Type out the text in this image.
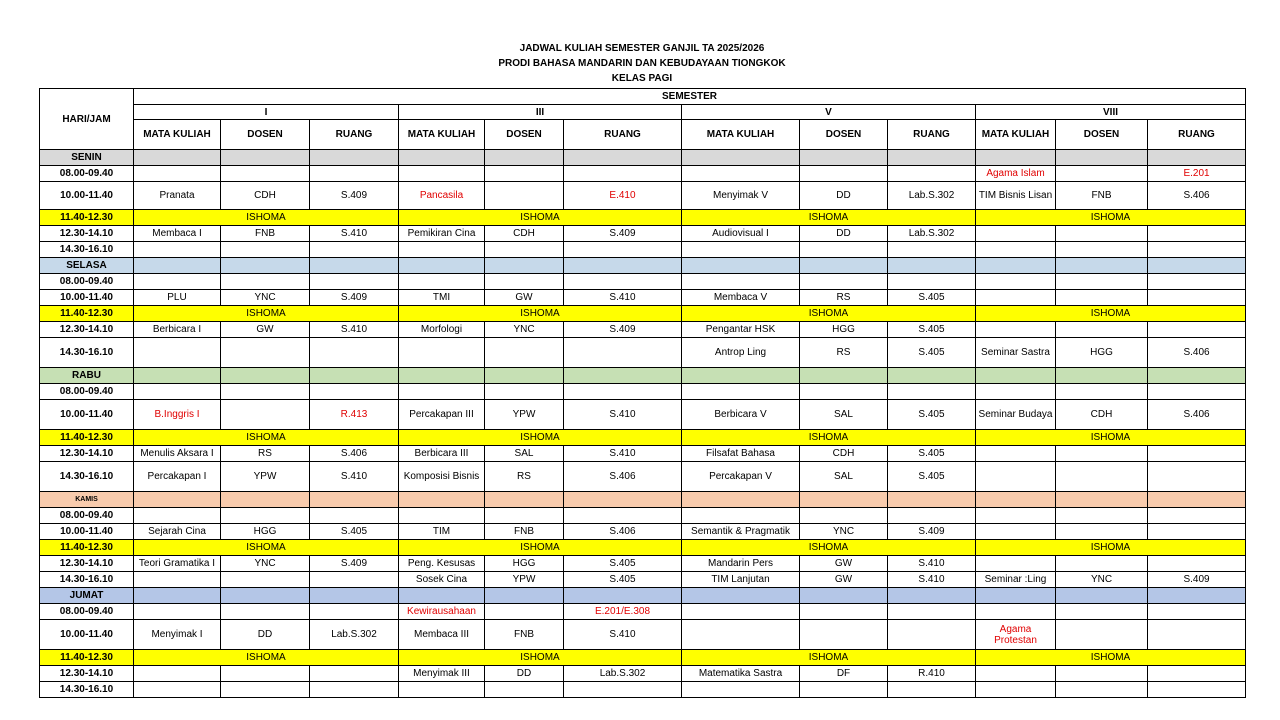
JADWAL KULIAH SEMESTER GANJIL TA 2025/2026
PRODI BAHASA MANDARIN DAN KEBUDAYAAN TIONGKOK
KELAS PAGI
HARI/JAM	SEMESTER											
	I			III			V			VIII		
	MATA KULIAH	DOSEN	RUANG	MATA KULIAH	DOSEN	RUANG	MATA KULIAH	DOSEN	RUANG	MATA KULIAH	DOSEN	RUANG
SENIN												
08.00-09.40										Agama Islam		E.201
10.00-11.40	Pranata	CDH	S.409	Pancasila		E.410	Menyimak V	DD	Lab.S.302	TIM Bisnis Lisan	FNB	S.406
11.40-12.30	ISHOMA			ISHOMA			ISHOMA			ISHOMA		
12.30-14.10	Membaca I	FNB	S.410	Pemikiran Cina	CDH	S.409	Audiovisual I	DD	Lab.S.302			
14.30-16.10												
SELASA												
08.00-09.40												
10.00-11.40	PLU	YNC	S.409	TMI	GW	S.410	Membaca V	RS	S.405			
11.40-12.30	ISHOMA			ISHOMA			ISHOMA			ISHOMA		
12.30-14.10	Berbicara I	GW	S.410	Morfologi	YNC	S.409	Pengantar HSK	HGG	S.405			
14.30-16.10							Antrop Ling	RS	S.405	Seminar Sastra	HGG	S.406
RABU												
08.00-09.40												
10.00-11.40	B.Inggris I		R.413	Percakapan III	YPW	S.410	Berbicara V	SAL	S.405	Seminar Budaya	CDH	S.406
11.40-12.30	ISHOMA			ISHOMA			ISHOMA			ISHOMA		
12.30-14.10	Menulis Aksara I	RS	S.406	Berbicara III	SAL	S.410	Filsafat Bahasa	CDH	S.405			
14.30-16.10	Percakapan I	YPW	S.410	Komposisi Bisnis	RS	S.406	Percakapan V	SAL	S.405			
KAMIS												
08.00-09.40												
10.00-11.40	Sejarah Cina	HGG	S.405	TIM	FNB	S.406	Semantik & Pragmatik	YNC	S.409			
11.40-12.30	ISHOMA			ISHOMA			ISHOMA			ISHOMA		
12.30-14.10	Teori Gramatika I	YNC	S.409	Peng. Kesusas	HGG	S.405	Mandarin Pers	GW	S.410			
14.30-16.10				Sosek Cina	YPW	S.405	TIM Lanjutan	GW	S.410	Seminar :Ling	YNC	S.409
JUMAT												
08.00-09.40				Kewirausahaan		E.201/E.308						
10.00-11.40	Menyimak I	DD	Lab.S.302	Membaca III	FNB	S.410				Agama Protestan		
11.40-12.30	ISHOMA			ISHOMA			ISHOMA			ISHOMA		
12.30-14.10				Menyimak III	DD	Lab.S.302	Matematika Sastra	DF	R.410			
14.30-16.10												
